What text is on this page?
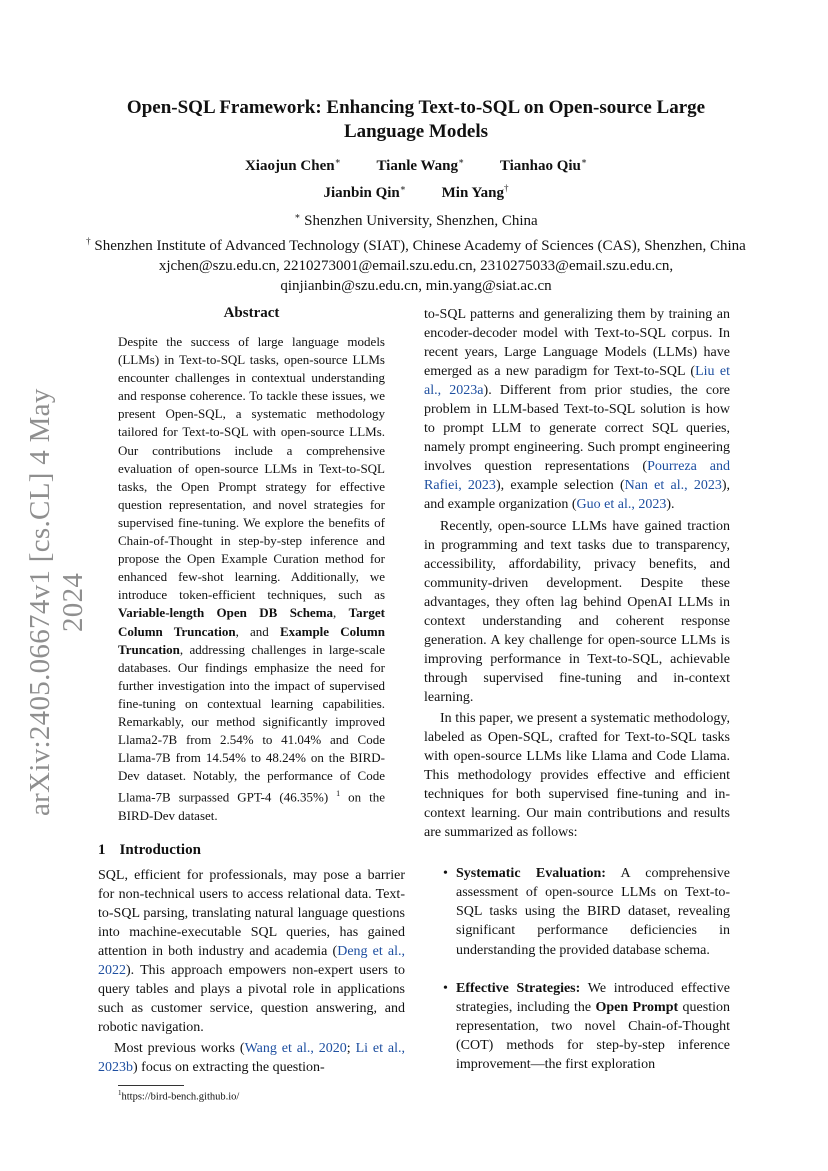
arXiv:2405.06674v1 [cs.CL] 4 May 2024
Open-SQL Framework: Enhancing Text-to-SQL on Open-source Large Language Models
Xiaojun Chen∗ Tianle Wang∗ Tianhao Qiu∗
Jianbin Qin∗ Min Yang†
∗ Shenzhen University, Shenzhen, China
† Shenzhen Institute of Advanced Technology (SIAT), Chinese Academy of Sciences (CAS), Shenzhen, China
xjchen@szu.edu.cn, 2210273001@email.szu.edu.cn, 2310275033@email.szu.edu.cn,
qinjianbin@szu.edu.cn, min.yang@siat.ac.cn
Abstract
Despite the success of large language models (LLMs) in Text-to-SQL tasks, open-source LLMs encounter challenges in contextual understanding and response coherence. To tackle these issues, we present Open-SQL, a systematic methodology tailored for Text-to-SQL with open-source LLMs. Our contributions include a comprehensive evaluation of open-source LLMs in Text-to-SQL tasks, the Open Prompt strategy for effective question representation, and novel strategies for supervised fine-tuning. We explore the benefits of Chain-of-Thought in step-by-step inference and propose the Open Example Curation method for enhanced few-shot learning. Additionally, we introduce token-efficient techniques, such as Variable-length Open DB Schema, Target Column Truncation, and Example Column Truncation, addressing challenges in large-scale databases. Our findings emphasize the need for further investigation into the impact of supervised fine-tuning on contextual learning capabilities. Remarkably, our method significantly improved Llama2-7B from 2.54% to 41.04% and Code Llama-7B from 14.54% to 48.24% on the BIRD-Dev dataset. Notably, the performance of Code Llama-7B surpassed GPT-4 (46.35%) $^1$ on the BIRD-Dev dataset.
1 Introduction

SQL, efficient for professionals, may pose a barrier for non-technical users to access relational data. Text-to-SQL parsing, translating natural language questions into machine-executable SQL queries, has gained attention in both industry and academia (Deng et al., 2022). This approach empowers non-expert users to query tables and plays a pivotal role in applications such as customer service, question answering, and robotic navigation.

Most previous works (Wang et al., 2020; Li et al., 2023b) focus on extracting the question-

$^1$https://bird-bench.github.io/

to-SQL patterns and generalizing them by training an encoder-decoder model with Text-to-SQL corpus. In recent years, Large Language Models (LLMs) have emerged as a new paradigm for Text-to-SQL (Liu et al., 2023a). Different from prior studies, the core problem in LLM-based Text-to-SQL solution is how to prompt LLM to generate correct SQL queries, namely prompt engineering. Such prompt engineering involves question representations (Pourreza and Rafiei, 2023), example selection (Nan et al., 2023), and example organization (Guo et al., 2023).

Recently, open-source LLMs have gained traction in programming and text tasks due to transparency, accessibility, affordability, privacy benefits, and community-driven development. Despite these advantages, they often lag behind OpenAI LLMs in context understanding and coherent response generation. A key challenge for open-source LLMs is improving performance in Text-to-SQL, achievable through supervised fine-tuning and in-context learning.

In this paper, we present a systematic methodology, labeled as Open-SQL, crafted for Text-to-SQL tasks with open-source LLMs like Llama and Code Llama. This methodology provides effective and efficient techniques for both supervised fine-tuning and in-context learning. Our main contributions and results are summarized as follows:

• Systematic Evaluation: A comprehensive assessment of open-source LLMs on Text-to-SQL tasks using the BIRD dataset, revealing significant performance deficiencies in understanding the provided database schema.
• Effective Strategies: We introduced effective strategies, including the Open Prompt question representation, two novel Chain-of-Thought (COT) methods for step-by-step inference improvement—the first exploration
